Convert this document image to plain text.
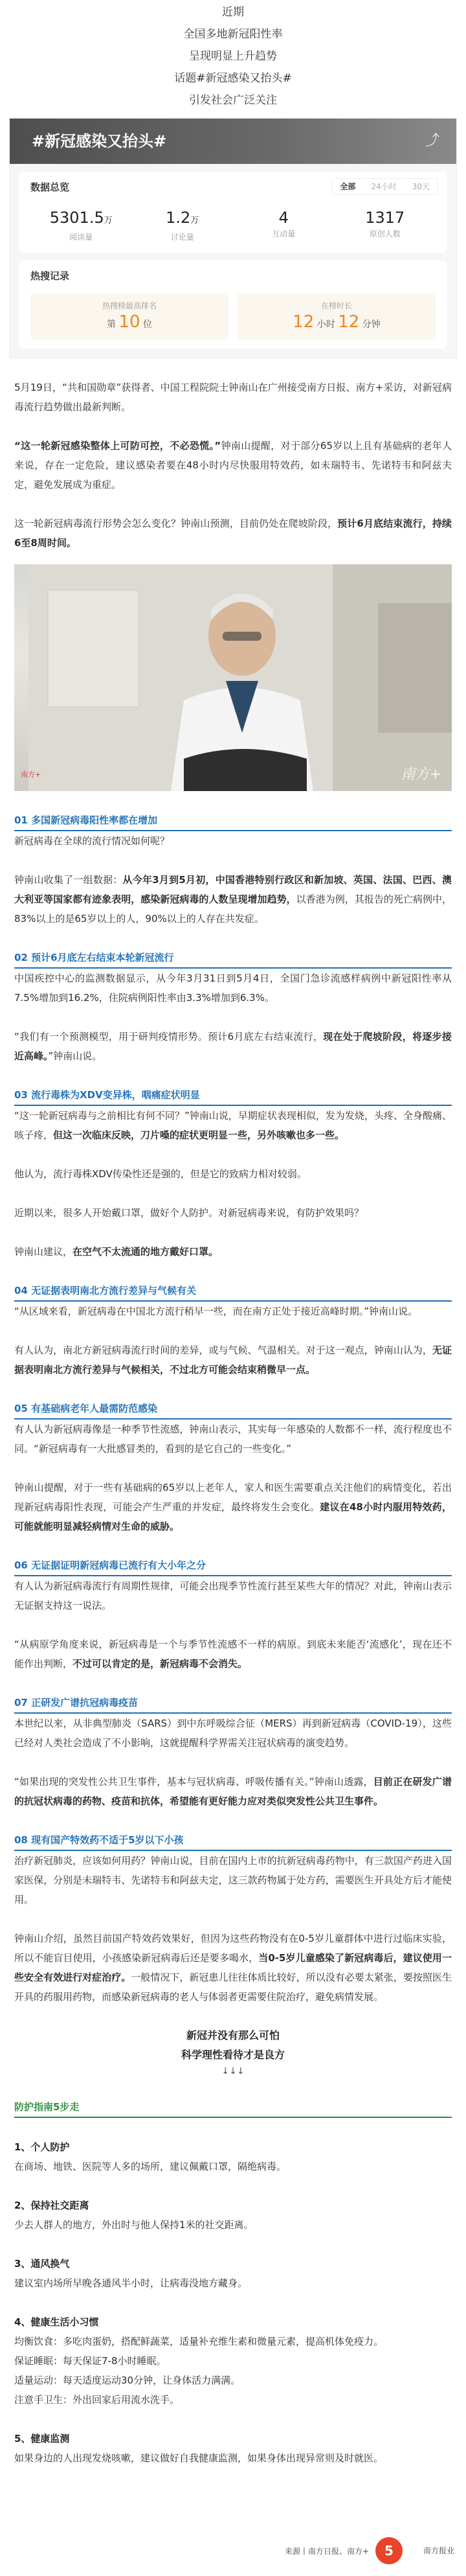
近期

全国多地新冠阳性率

呈现明显上升趋势

话题#新冠感染又抬头#

引发社会广泛关注

#新冠感染又抬头#	⤴
数据总览	全部	24小时	30天
5301.5万
阅读量
1.2万
讨论量
4
互动量
1317
原创人数
热搜记录
热搜榜最高排名
第 10 位
在榜时长
12 小时 12 分钟

5月19日，“共和国勋章”获得者、中国工程院院士钟南山在广州接受南方日报、南方+采访，对新冠病毒流行趋势做出最新判断。

“这一轮新冠感染整体上可防可控，不必恐慌。”钟南山提醒，对于部分65岁以上且有基础病的老年人来说，存在一定危险，建议感染者要在48小时内尽快服用特效药，如未瑞特韦、先诺特韦和阿兹夫定，避免发展成为重症。

这一轮新冠病毒流行形势会怎么变化？钟南山预测，目前仍处在爬坡阶段，预计6月底结束流行，持续6至8周时间。

南方+	南方+

01 多国新冠病毒阳性率都在增加

新冠病毒在全球的流行情况如何呢？

钟南山收集了一组数据：从今年3月到5月初，中国香港特别行政区和新加坡、英国、法国、巴西、澳大利亚等国家都有迹象表明，感染新冠病毒的人数呈现增加趋势，以香港为例，其报告的死亡病例中，83%以上的是65岁以上的人，90%以上的人存在共发症。

02 预计6月底左右结束本轮新冠流行

中国疾控中心的监测数据显示，从今年3月31日到5月4日，全国门急诊流感样病例中新冠阳性率从7.5%增加到16.2%，住院病例阳性率由3.3%增加到6.3%。

“我们有一个预测模型，用于研判疫情形势。预计6月底左右结束流行，现在处于爬坡阶段，将逐步接近高峰。”钟南山说。

03 流行毒株为XDV变异株，咽痛症状明显

“这一轮新冠病毒与之前相比有何不同？”钟南山说，早期症状表现相似，发为发烧，头疼、全身酸痛、咳子疼，但这一次临床反映，刀片嗓的症状更明显一些，另外咳嗽也多一些。

他认为，流行毒株XDV传染性还是强的，但是它的致病力相对较弱。

近期以来，很多人开始戴口罩，做好个人防护。对新冠病毒来说，有防护效果吗？

钟南山建议，在空气不太流通的地方戴好口罩。

04 无证据表明南北方流行差异与气候有关

“从区域来看，新冠病毒在中国北方流行稍早一些，而在南方正处于接近高峰时期。”钟南山说。

有人认为，南北方新冠病毒流行时间的差异，或与气候、气温相关。对于这一观点，钟南山认为，无证据表明南北方流行差异与气候相关，不过北方可能会结束稍微早一点。

05 有基础病老年人最需防范感染

有人认为新冠病毒像是一种季节性流感，钟南山表示，其实每一年感染的人数都不一样，流行程度也不同。“新冠病毒有一大批感冒类的，看到的是它自己的一些变化。”

钟南山提醒，对于一些有基础病的65岁以上老年人，家人和医生需要重点关注他们的病情变化，若出现新冠病毒阳性表现，可能会产生严重的并发症，最终将发生会变化。建议在48小时内服用特效药，可能就能明显减轻病情对生命的威胁。

06 无证据证明新冠病毒已流行有大小年之分

有人认为新冠病毒流行有周期性规律，可能会出现季节性流行甚至某些大年的情况？对此，钟南山表示无证据支持这一说法。

“从病原学角度来说，新冠病毒是一个与季节性流感不一样的病原。到底未来能否‘流感化’，现在还不能作出判断，不过可以肯定的是，新冠病毒不会消失。

07 正研发广谱抗冠病毒疫苗

本世纪以来，从非典型肺炎（SARS）到中东呼吸综合征（MERS）再到新冠病毒（COVID-19），这些已经对人类社会造成了不小影响，这就提醒科学界需关注冠状病毒的演变趋势。

“如果出现的突发性公共卫生事件，基本与冠状病毒、呼吸传播有关。”钟南山透露，目前正在研发广谱的抗冠状病毒的药物、疫苗和抗体，希望能有更好能力应对类似突发性公共卫生事件。

08 现有国产特效药不适于5岁以下小孩

治疗新冠肺炎，应该如何用药？钟南山说，目前在国内上市的抗新冠病毒药物中，有三款国产药进入国家医保，分别是未瑞特韦、先诺特韦和阿兹夫定，这三款药物属于处方药，需要医生开具处方后才能使用。

钟南山介绍，虽然目前国产特效药效果好，但因为这些药物没有在0-5岁儿童群体中进行过临床实验，所以不能盲目使用，小孩感染新冠病毒后还是要多喝水，当0-5岁儿童感染了新冠病毒后，建议使用一些安全有效进行对症治疗。一般情况下，新冠患儿往往体质比较好，所以没有必要太紧张，要按照医生开具的药服用药物，而感染新冠病毒的老人与体弱者更需要住院治疗，避免病情发展。

新冠并没有那么可怕

科学理性看待才是良方

↓↓↓

防护指南5步走

1、个人防护

在商场、地铁、医院等人多的场所，建议佩戴口罩，隔绝病毒。

2、保持社交距离

少去人群人的地方，外出时与他人保持1米的社交距离。

3、通风换气

建议室内场所早晚各通风半小时，让病毒没地方藏身。

4、健康生活小习惯

均衡饮食：多吃肉蛋奶，搭配鲜蔬菜，适量补充维生素和微量元素，提高机体免疫力。
保证睡眠：每天保证7-8小时睡眠。
适量运动：每天适度运动30分钟，让身体活力满满。
注意手卫生：外出回家后用流水洗手。

5、健康监测

如果身边的人出现发烧咳嗽，建议做好自我健康监测，如果身体出现异常则及时就医。

来源丨南方日报、南方+	5	南方报业
